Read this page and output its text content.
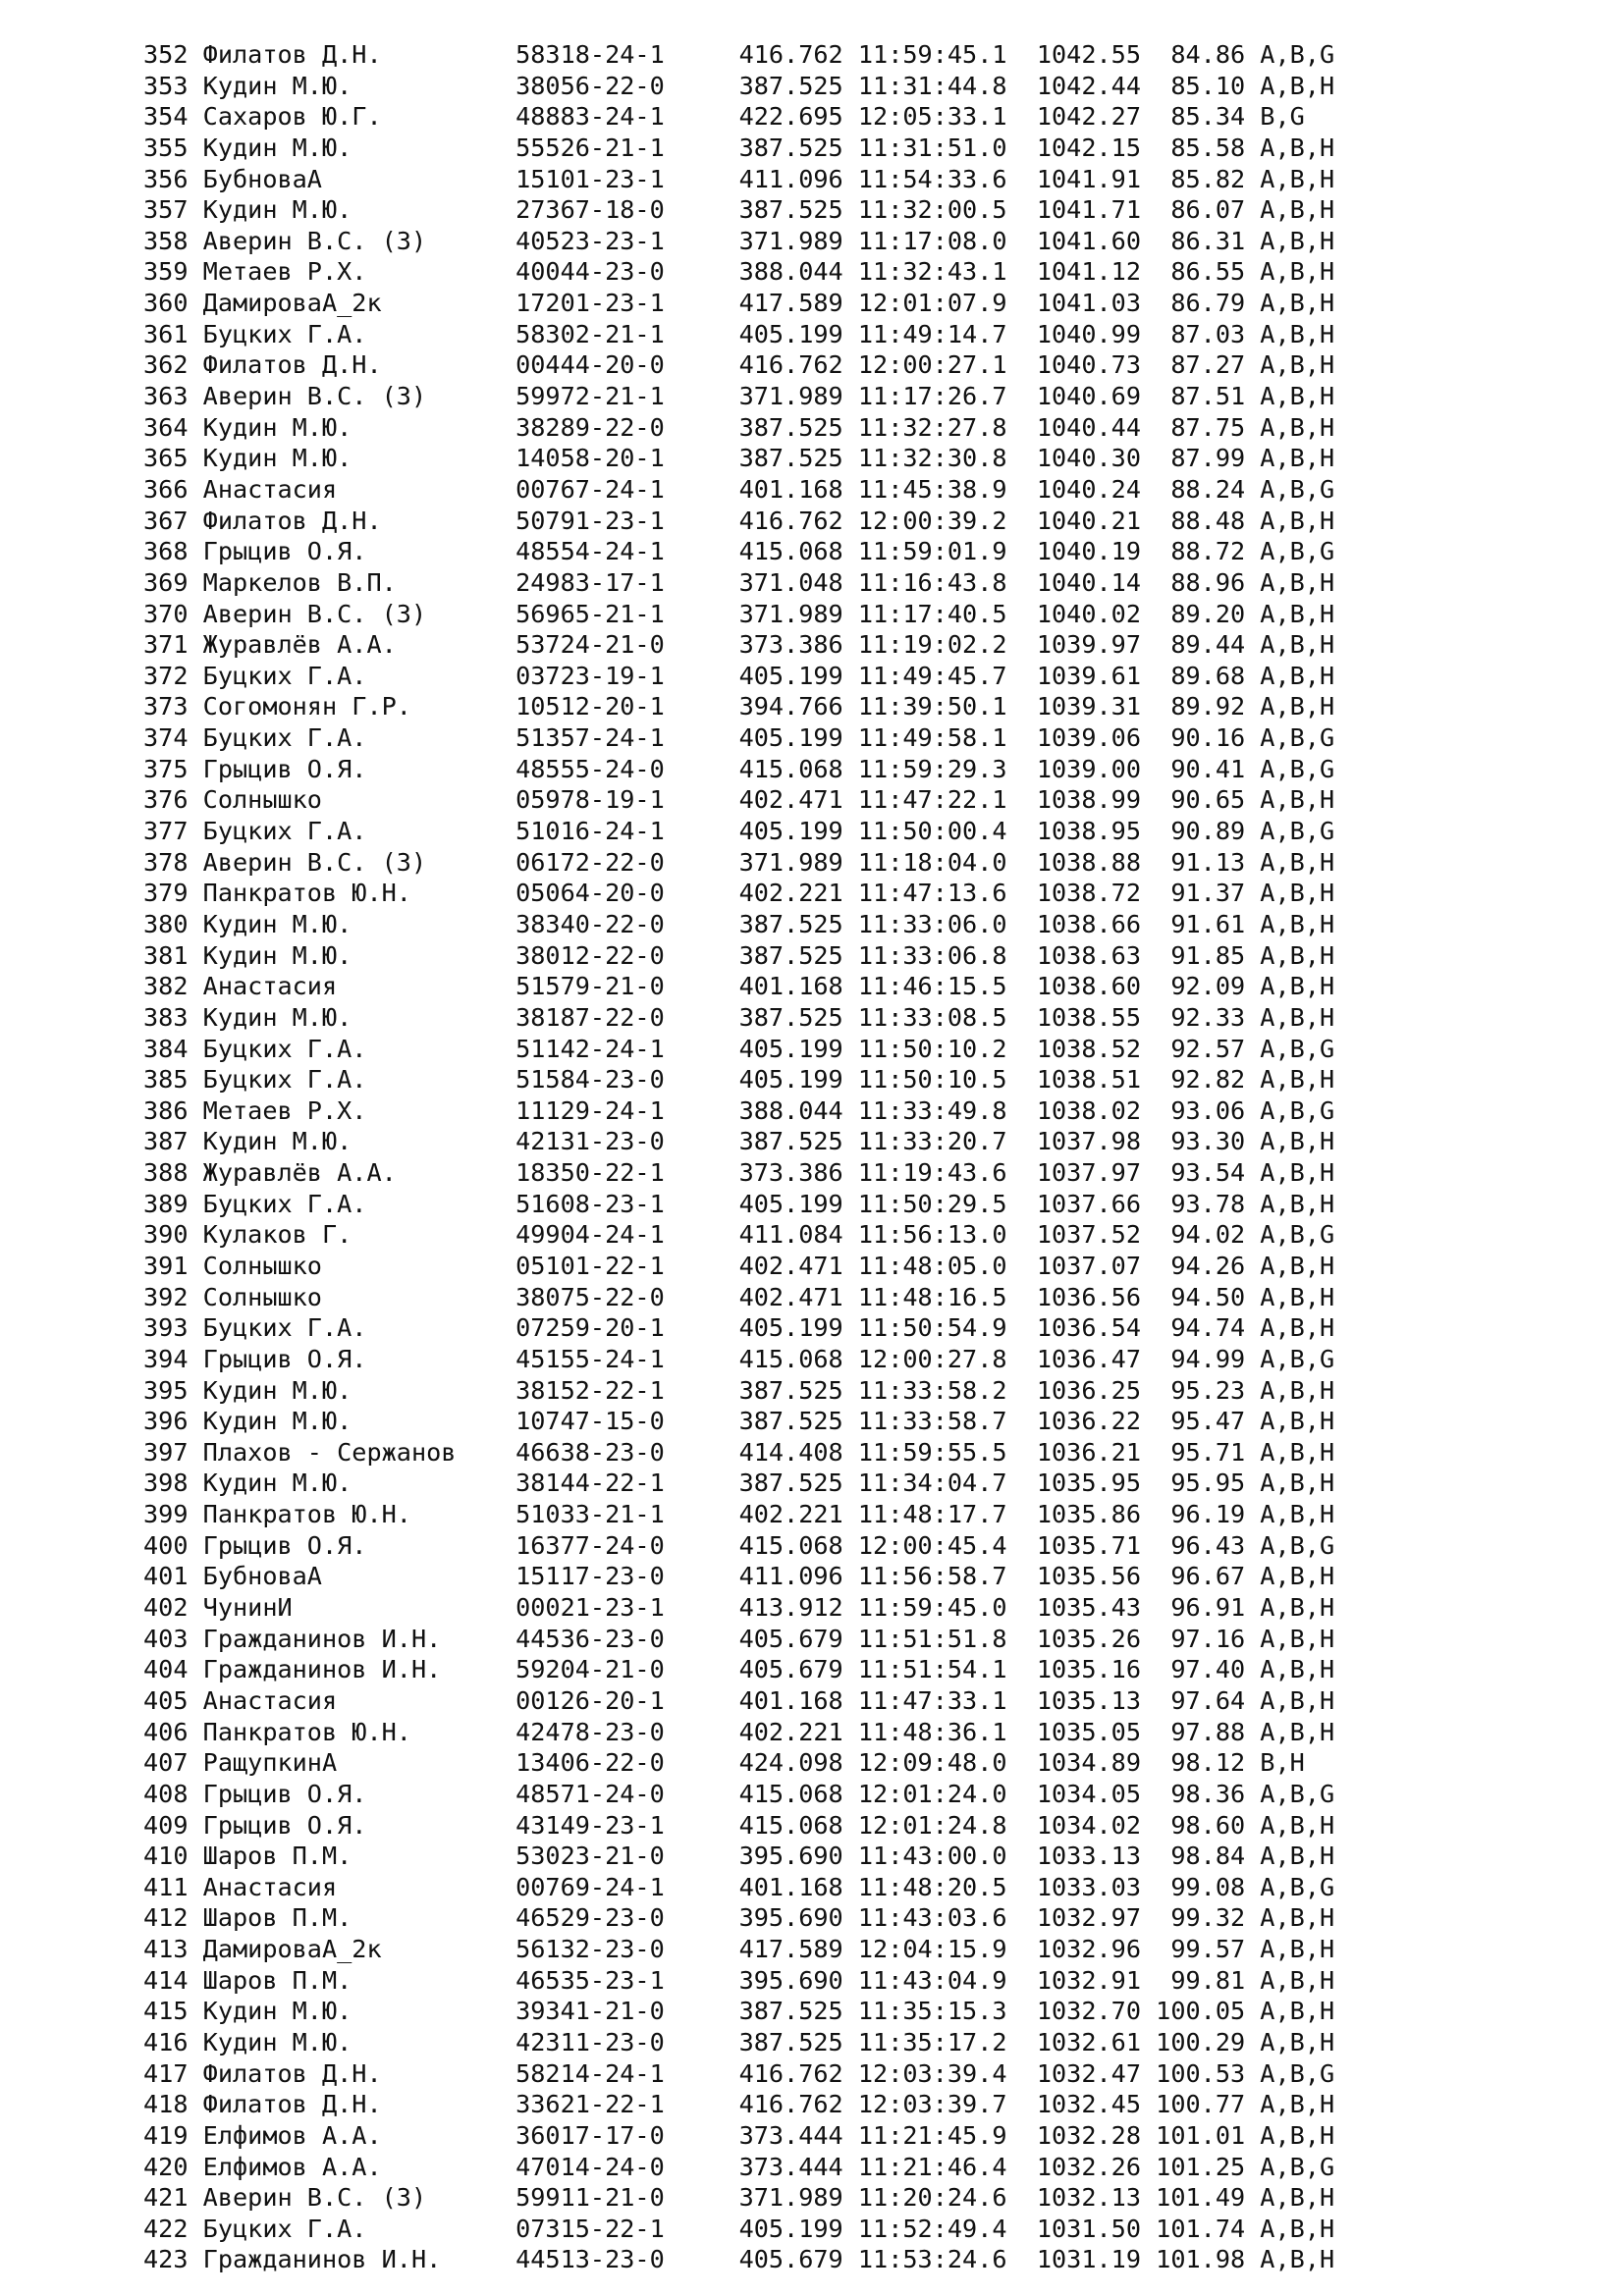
352 Филатов Д.Н.         58318-24-1     416.762 11:59:45.1  1042.55  84.86 A,B,G
353 Кудин М.Ю.           38056-22-0     387.525 11:31:44.8  1042.44  85.10 A,B,H
354 Сахаров Ю.Г.         48883-24-1     422.695 12:05:33.1  1042.27  85.34 B,G
355 Кудин М.Ю.           55526-21-1     387.525 11:31:51.0  1042.15  85.58 A,B,H
356 БубноваА             15101-23-1     411.096 11:54:33.6  1041.91  85.82 A,B,H
357 Кудин М.Ю.           27367-18-0     387.525 11:32:00.5  1041.71  86.07 A,B,H
358 Аверин В.С. (З)      40523-23-1     371.989 11:17:08.0  1041.60  86.31 A,B,H
359 Метаев Р.Х.          40044-23-0     388.044 11:32:43.1  1041.12  86.55 A,B,H
360 ДамироваА_2к         17201-23-1     417.589 12:01:07.9  1041.03  86.79 A,B,H
361 Буцких Г.А.          58302-21-1     405.199 11:49:14.7  1040.99  87.03 A,B,H
362 Филатов Д.Н.         00444-20-0     416.762 12:00:27.1  1040.73  87.27 A,B,H
363 Аверин В.С. (З)      59972-21-1     371.989 11:17:26.7  1040.69  87.51 A,B,H
364 Кудин М.Ю.           38289-22-0     387.525 11:32:27.8  1040.44  87.75 A,B,H
365 Кудин М.Ю.           14058-20-1     387.525 11:32:30.8  1040.30  87.99 A,B,H
366 Анастасия            00767-24-1     401.168 11:45:38.9  1040.24  88.24 A,B,G
367 Филатов Д.Н.         50791-23-1     416.762 12:00:39.2  1040.21  88.48 A,B,H
368 Грыцив О.Я.          48554-24-1     415.068 11:59:01.9  1040.19  88.72 A,B,G
369 Маркелов В.П.        24983-17-1     371.048 11:16:43.8  1040.14  88.96 A,B,H
370 Аверин В.С. (З)      56965-21-1     371.989 11:17:40.5  1040.02  89.20 A,B,H
371 Журавлёв А.А.        53724-21-0     373.386 11:19:02.2  1039.97  89.44 A,B,H
372 Буцких Г.А.          03723-19-1     405.199 11:49:45.7  1039.61  89.68 A,B,H
373 Согомонян Г.Р.       10512-20-1     394.766 11:39:50.1  1039.31  89.92 A,B,H
374 Буцких Г.А.          51357-24-1     405.199 11:49:58.1  1039.06  90.16 A,B,G
375 Грыцив О.Я.          48555-24-0     415.068 11:59:29.3  1039.00  90.41 A,B,G
376 Солнышко             05978-19-1     402.471 11:47:22.1  1038.99  90.65 A,B,H
377 Буцких Г.А.          51016-24-1     405.199 11:50:00.4  1038.95  90.89 A,B,G
378 Аверин В.С. (З)      06172-22-0     371.989 11:18:04.0  1038.88  91.13 A,B,H
379 Панкратов Ю.Н.       05064-20-0     402.221 11:47:13.6  1038.72  91.37 A,B,H
380 Кудин М.Ю.           38340-22-0     387.525 11:33:06.0  1038.66  91.61 A,B,H
381 Кудин М.Ю.           38012-22-0     387.525 11:33:06.8  1038.63  91.85 A,B,H
382 Анастасия            51579-21-0     401.168 11:46:15.5  1038.60  92.09 A,B,H
383 Кудин М.Ю.           38187-22-0     387.525 11:33:08.5  1038.55  92.33 A,B,H
384 Буцких Г.А.          51142-24-1     405.199 11:50:10.2  1038.52  92.57 A,B,G
385 Буцких Г.А.          51584-23-0     405.199 11:50:10.5  1038.51  92.82 A,B,H
386 Метаев Р.Х.          11129-24-1     388.044 11:33:49.8  1038.02  93.06 A,B,G
387 Кудин М.Ю.           42131-23-0     387.525 11:33:20.7  1037.98  93.30 A,B,H
388 Журавлёв А.А.        18350-22-1     373.386 11:19:43.6  1037.97  93.54 A,B,H
389 Буцких Г.А.          51608-23-1     405.199 11:50:29.5  1037.66  93.78 A,B,H
390 Кулаков Г.           49904-24-1     411.084 11:56:13.0  1037.52  94.02 A,B,G
391 Солнышко             05101-22-1     402.471 11:48:05.0  1037.07  94.26 A,B,H
392 Солнышко             38075-22-0     402.471 11:48:16.5  1036.56  94.50 A,B,H
393 Буцких Г.А.          07259-20-1     405.199 11:50:54.9  1036.54  94.74 A,B,H
394 Грыцив О.Я.          45155-24-1     415.068 12:00:27.8  1036.47  94.99 A,B,G
395 Кудин М.Ю.           38152-22-1     387.525 11:33:58.2  1036.25  95.23 A,B,H
396 Кудин М.Ю.           10747-15-0     387.525 11:33:58.7  1036.22  95.47 A,B,H
397 Плахов - Сержанов    46638-23-0     414.408 11:59:55.5  1036.21  95.71 A,B,H
398 Кудин М.Ю.           38144-22-1     387.525 11:34:04.7  1035.95  95.95 A,B,H
399 Панкратов Ю.Н.       51033-21-1     402.221 11:48:17.7  1035.86  96.19 A,B,H
400 Грыцив О.Я.          16377-24-0     415.068 12:00:45.4  1035.71  96.43 A,B,G
401 БубноваА             15117-23-0     411.096 11:56:58.7  1035.56  96.67 A,B,H
402 ЧунинИ               00021-23-1     413.912 11:59:45.0  1035.43  96.91 A,B,H
403 Гражданинов И.Н.     44536-23-0     405.679 11:51:51.8  1035.26  97.16 A,B,H
404 Гражданинов И.Н.     59204-21-0     405.679 11:51:54.1  1035.16  97.40 A,B,H
405 Анастасия            00126-20-1     401.168 11:47:33.1  1035.13  97.64 A,B,H
406 Панкратов Ю.Н.       42478-23-0     402.221 11:48:36.1  1035.05  97.88 A,B,H
407 РащупкинА            13406-22-0     424.098 12:09:48.0  1034.89  98.12 B,H
408 Грыцив О.Я.          48571-24-0     415.068 12:01:24.0  1034.05  98.36 A,B,G
409 Грыцив О.Я.          43149-23-1     415.068 12:01:24.8  1034.02  98.60 A,B,H
410 Шаров П.М.           53023-21-0     395.690 11:43:00.0  1033.13  98.84 A,B,H
411 Анастасия            00769-24-1     401.168 11:48:20.5  1033.03  99.08 A,B,G
412 Шаров П.М.           46529-23-0     395.690 11:43:03.6  1032.97  99.32 A,B,H
413 ДамироваА_2к         56132-23-0     417.589 12:04:15.9  1032.96  99.57 A,B,H
414 Шаров П.М.           46535-23-1     395.690 11:43:04.9  1032.91  99.81 A,B,H
415 Кудин М.Ю.           39341-21-0     387.525 11:35:15.3  1032.70 100.05 A,B,H
416 Кудин М.Ю.           42311-23-0     387.525 11:35:17.2  1032.61 100.29 A,B,H
417 Филатов Д.Н.         58214-24-1     416.762 12:03:39.4  1032.47 100.53 A,B,G
418 Филатов Д.Н.         33621-22-1     416.762 12:03:39.7  1032.45 100.77 A,B,H
419 Елфимов А.А.         36017-17-0     373.444 11:21:45.9  1032.28 101.01 A,B,H
420 Елфимов А.А.         47014-24-0     373.444 11:21:46.4  1032.26 101.25 A,B,G
421 Аверин В.С. (З)      59911-21-0     371.989 11:20:24.6  1032.13 101.49 A,B,H
422 Буцких Г.А.          07315-22-1     405.199 11:52:49.4  1031.50 101.74 A,B,H
423 Гражданинов И.Н.     44513-23-0     405.679 11:53:24.6  1031.19 101.98 A,B,H
